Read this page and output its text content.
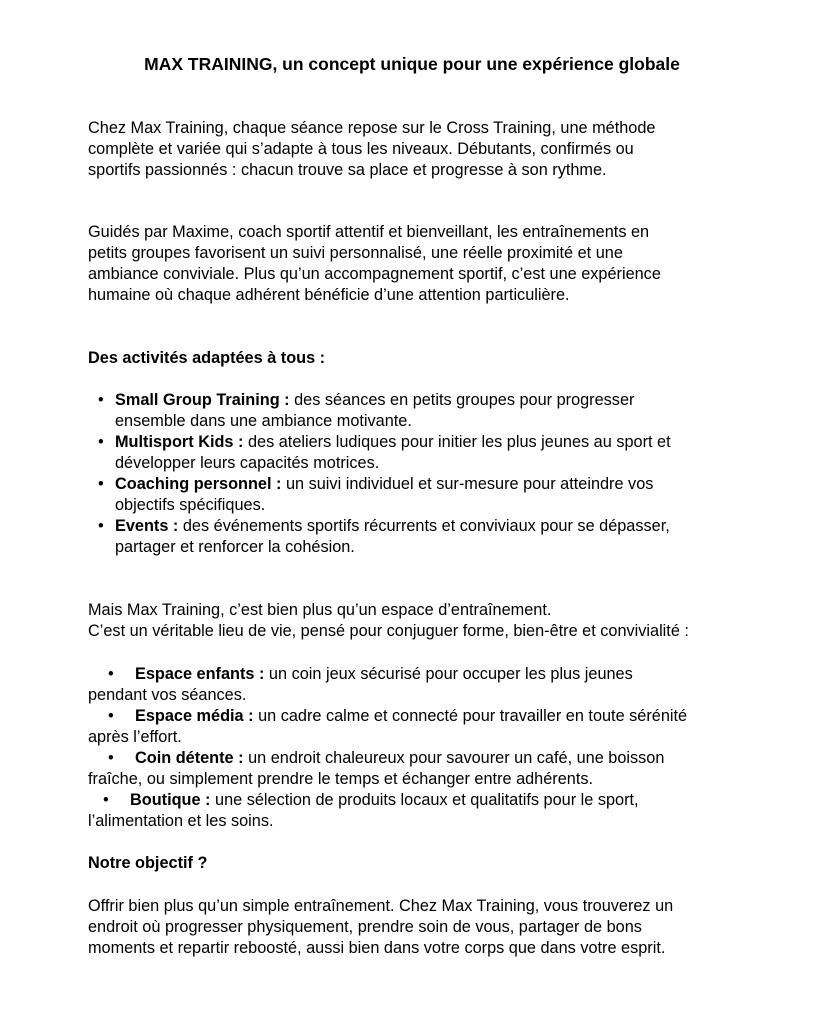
MAX TRAINING, un concept unique pour une expérience globale

Chez Max Training, chaque séance repose sur le Cross Training, une méthode
complète et variée qui s’adapte à tous les niveaux. Débutants, confirmés ou
sportifs passionnés : chacun trouve sa place et progresse à son rythme.

Guidés par Maxime, coach sportif attentif et bienveillant, les entraînements en
petits groupes favorisent un suivi personnalisé, une réelle proximité et une
ambiance conviviale. Plus qu’un accompagnement sportif, c’est une expérience
humaine où chaque adhérent bénéficie d’une attention particulière.

Des activités adaptées à tous :

• Small Group Training : des séances en petits groupes pour progresser
ensemble dans une ambiance motivante.
• Multisport Kids : des ateliers ludiques pour initier les plus jeunes au sport et
développer leurs capacités motrices.
• Coaching personnel : un suivi individuel et sur-mesure pour atteindre vos
objectifs spécifiques.
• Events : des événements sportifs récurrents et conviviaux pour se dépasser,
partager et renforcer la cohésion.

Mais Max Training, c’est bien plus qu’un espace d’entraînement.
C’est un véritable lieu de vie, pensé pour conjuguer forme, bien-être et convivialité :

• Espace enfants : un coin jeux sécurisé pour occuper les plus jeunes
pendant vos séances.

• Espace média : un cadre calme et connecté pour travailler en toute sérénité
après l’effort.

• Coin détente : un endroit chaleureux pour savourer un café, une boisson
fraîche, ou simplement prendre le temps et échanger entre adhérents.

• Boutique : une sélection de produits locaux et qualitatifs pour le sport,
l’alimentation et les soins.

Notre objectif ?

Offrir bien plus qu’un simple entraînement. Chez Max Training, vous trouverez un
endroit où progresser physiquement, prendre soin de vous, partager de bons
moments et repartir reboosté, aussi bien dans votre corps que dans votre esprit.
